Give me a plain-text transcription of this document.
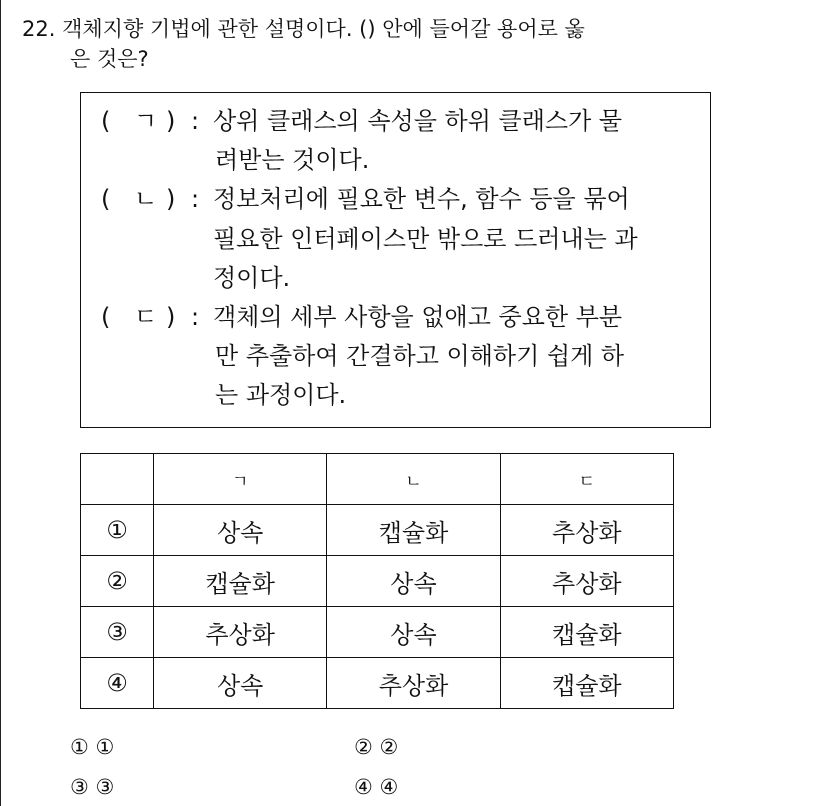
22. 객체지향 기법에 관한 설명이다. () 안에 들어갈 용어로 옳
은 것은?
( ㄱ ) : 상위 클래스의 속성을 하위 클래스가 물
려받는 것이다.
( ㄴ ) : 정보처리에 필요한 변수, 함수 등을 묶어
필요한 인터페이스만 밖으로 드러내는 과
정이다.
( ㄷ ) : 객체의 세부 사항을 없애고 중요한 부분
만 추출하여 간결하고 이해하기 쉽게 하
는 과정이다.
	ㄱ	ㄴ	ㄷ
①	상속	캡슐화	추상화
②	캡슐화	상속	추상화
③	추상화	상속	캡슐화
④	상속	추상화	캡슐화
① ①	② ②
③ ③	④ ④
